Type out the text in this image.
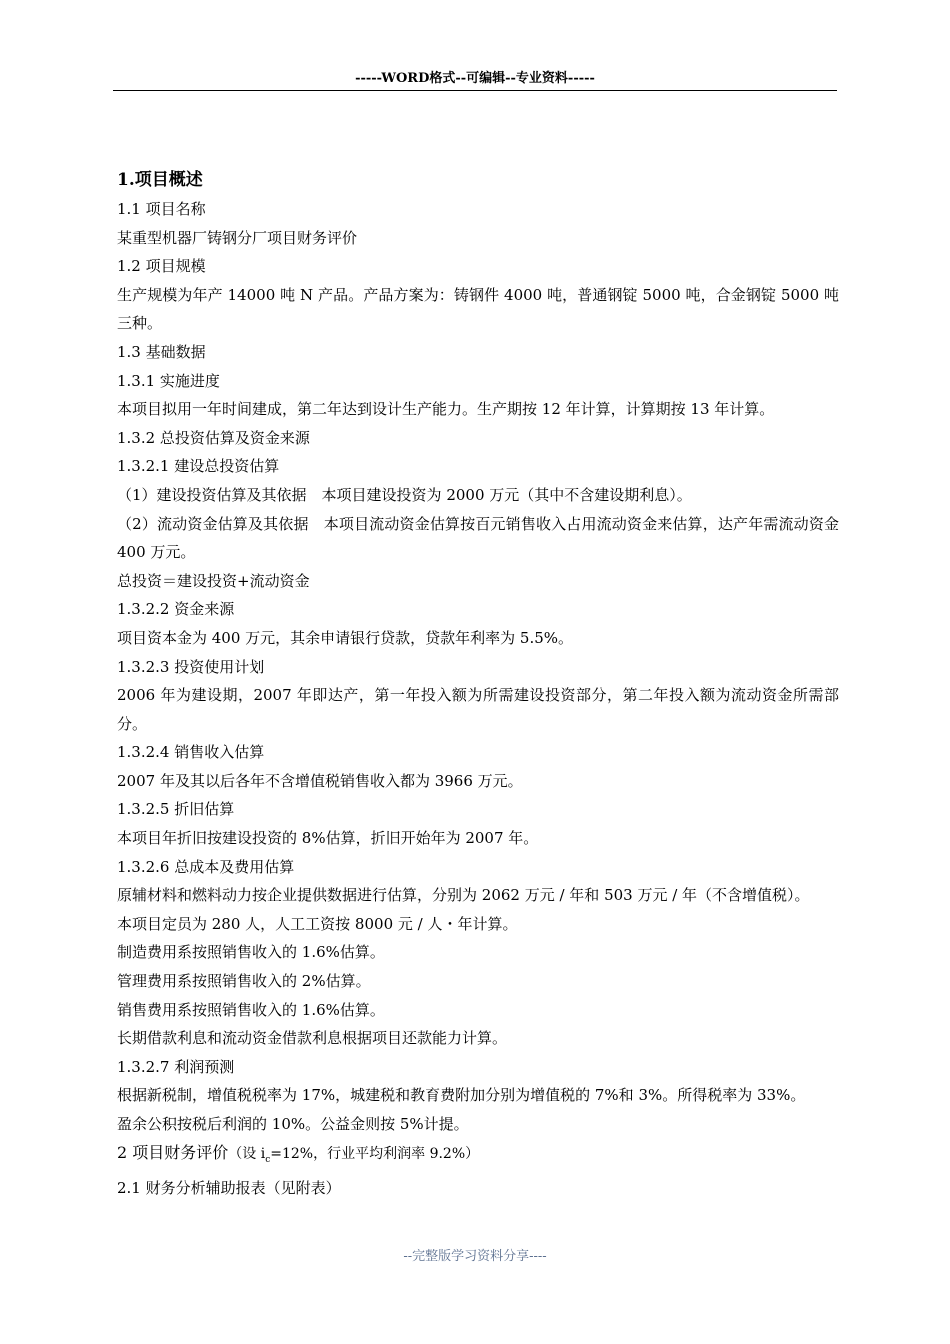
-----WORD格式--可编辑--专业资料-----
1.项目概述
1.1 项目名称
某重型机器厂铸钢分厂项目财务评价
1.2 项目规模
生产规模为年产 14000 吨 N 产品。产品方案为：铸钢件 4000 吨，普通钢锭 5000 吨，合金钢锭 5000 吨三种。
1.3 基础数据
1.3.1 实施进度
本项目拟用一年时间建成，第二年达到设计生产能力。生产期按 12 年计算，计算期按 13 年计算。
1.3.2 总投资估算及资金来源
1.3.2.1 建设总投资估算
（1）建设投资估算及其依据　本项目建设投资为 2000 万元（其中不含建设期利息）。
（2）流动资金估算及其依据　本项目流动资金估算按百元销售收入占用流动资金来估算，达产年需流动资金 400 万元。
总投资＝建设投资+流动资金
1.3.2.2 资金来源
项目资本金为 400 万元，其余申请银行贷款，贷款年利率为 5.5%。
1.3.2.3 投资使用计划
2006 年为建设期，2007 年即达产，第一年投入额为所需建设投资部分，第二年投入额为流动资金所需部分。
1.3.2.4 销售收入估算
2007 年及其以后各年不含增值税销售收入都为 3966 万元。
1.3.2.5 折旧估算
本项目年折旧按建设投资的 8%估算，折旧开始年为 2007 年。
1.3.2.6 总成本及费用估算
原辅材料和燃料动力按企业提供数据进行估算，分别为 2062 万元 / 年和 503 万元 / 年（不含增值税）。
本项目定员为 280 人，人工工资按 8000 元 / 人・年计算。
制造费用系按照销售收入的 1.6%估算。
管理费用系按照销售收入的 2%估算。
销售费用系按照销售收入的 1.6%估算。
长期借款利息和流动资金借款利息根据项目还款能力计算。
1.3.2.7 利润预测
根据新税制，增值税税率为 17%，城建税和教育费附加分别为增值税的 7%和 3%。所得税率为 33%。
盈余公积按税后利润的 10%。公益金则按 5%计提。
2 项目财务评价（设 $i_c=12\%$，行业平均利润率 9.2%）
2.1 财务分析辅助报表（见附表）
--完整版学习资料分享----
